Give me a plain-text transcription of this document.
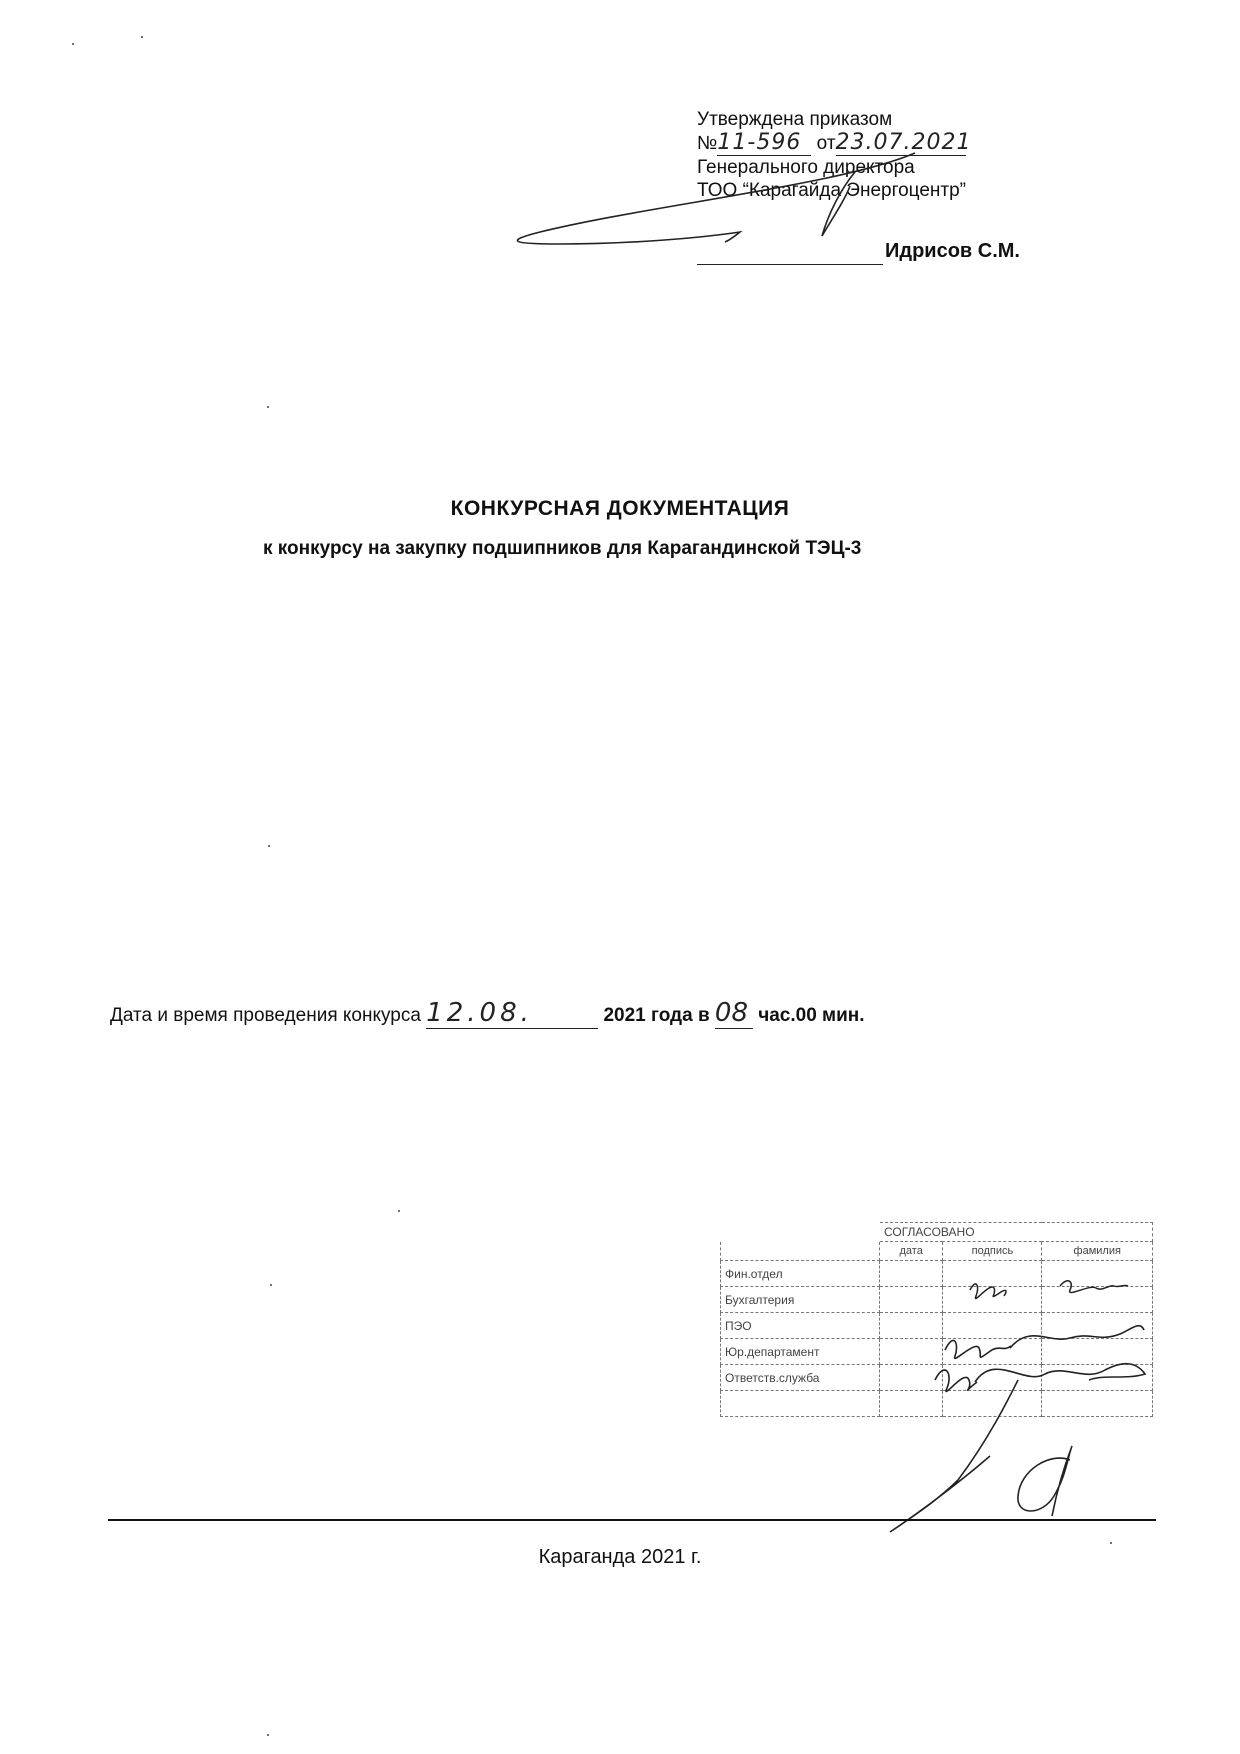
Утверждена приказом
№11-596 от23.07.2021
Генерального директора
ТОО “Карагайда Энергоцентр”
Идрисов С.М.
КОНКУРСНАЯ ДОКУМЕНТАЦИЯ
к конкурсу на закупку подшипников для Карагандинской ТЭЦ-3
Дата и время проведения конкурса 12.08.	2021 года в 08 час.00 мин.
	СОГЛАСОВАНО		
	дата	подпись	фамилия
Фин.отдел			
Бухгалтерия			
ПЭО			
Юр.департамент			
Ответств.служба			

Караганда 2021 г.
